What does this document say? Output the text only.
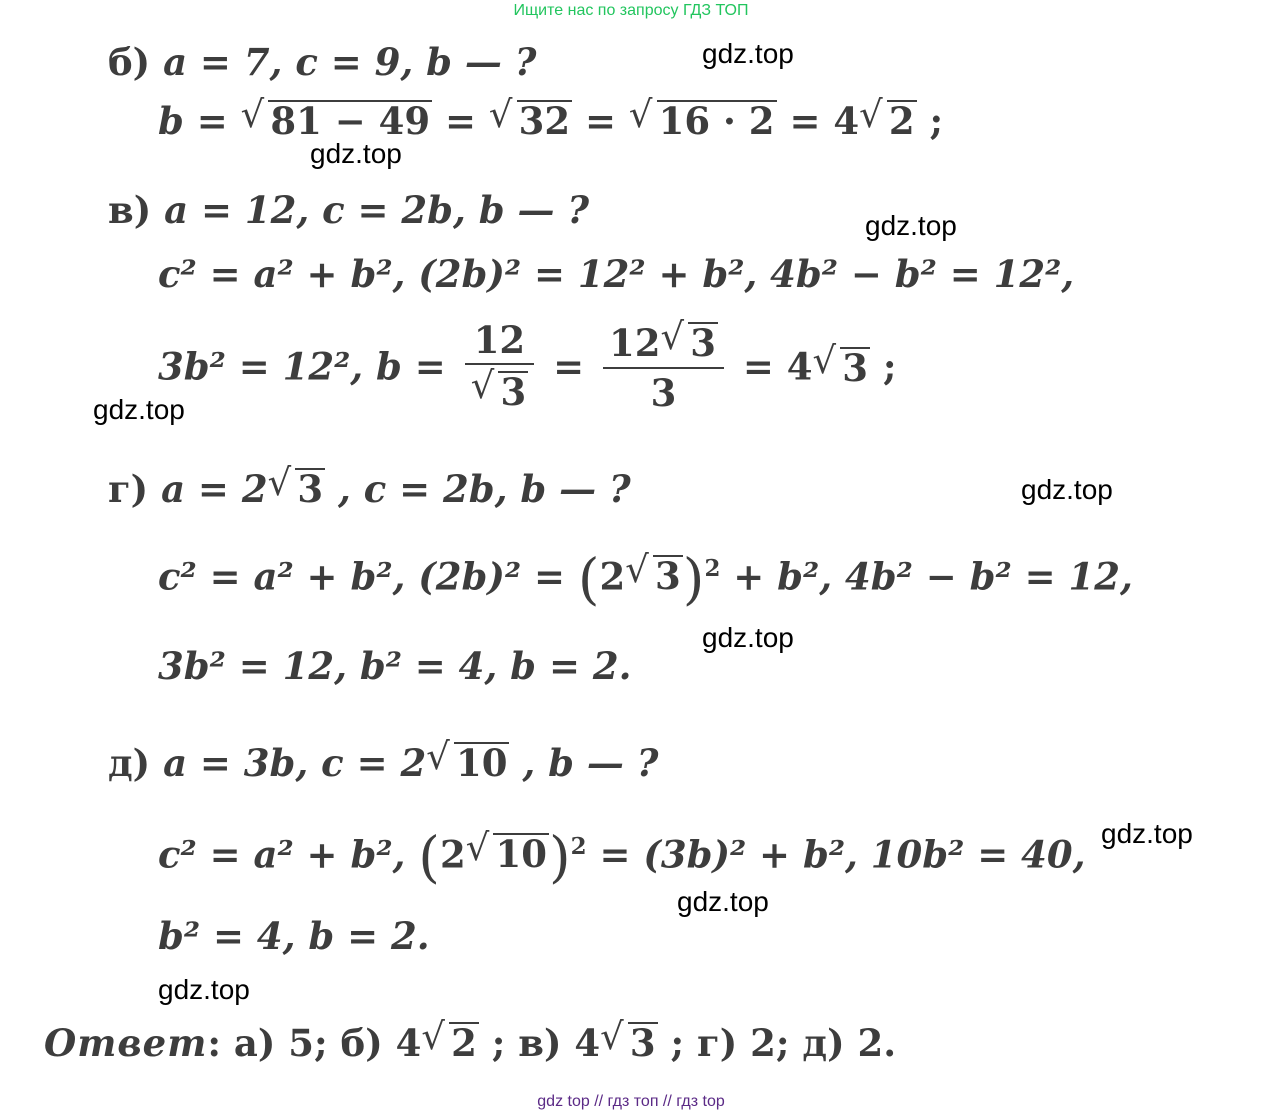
Ищите нас по запросу ГДЗ ТОП
б) a = 7, c = 9, b — ?
b = √ 81 − 49 = √ 32 = √ 16 · 2 = 4√ 2 ;
в) a = 12, c = 2b, b — ?
c² = a² + b², (2b)² = 12² + b², 4b² − b² = 12²,
3b² = 12², b = 12
√ $3 = \frac{12√ 3}{3} = 4√$ 3 ;
г) a = 2√ 3 , c = 2b, b — ?
c² = a² + b², (2b)² = (2√ 3)$^2$ + b², 4b² − b² = 12,
3b² = 12, b² = 4, b = 2.
д) a = 3b, c = 2√ 10 , b — ?
c² = a² + b², (2√ 10)$^2$ = (3b)² + b², 10b² = 40,
b² = 4, b = 2.
Ответ: а) 5; б) 4√ 2 ; в) 4√ 3 ; г) 2; д) 2.
gdz.top
gdz.top
gdz.top
gdz.top
gdz.top
gdz.top
gdz.top
gdz.top
gdz.top
gdz top // гдз топ // гдз top
